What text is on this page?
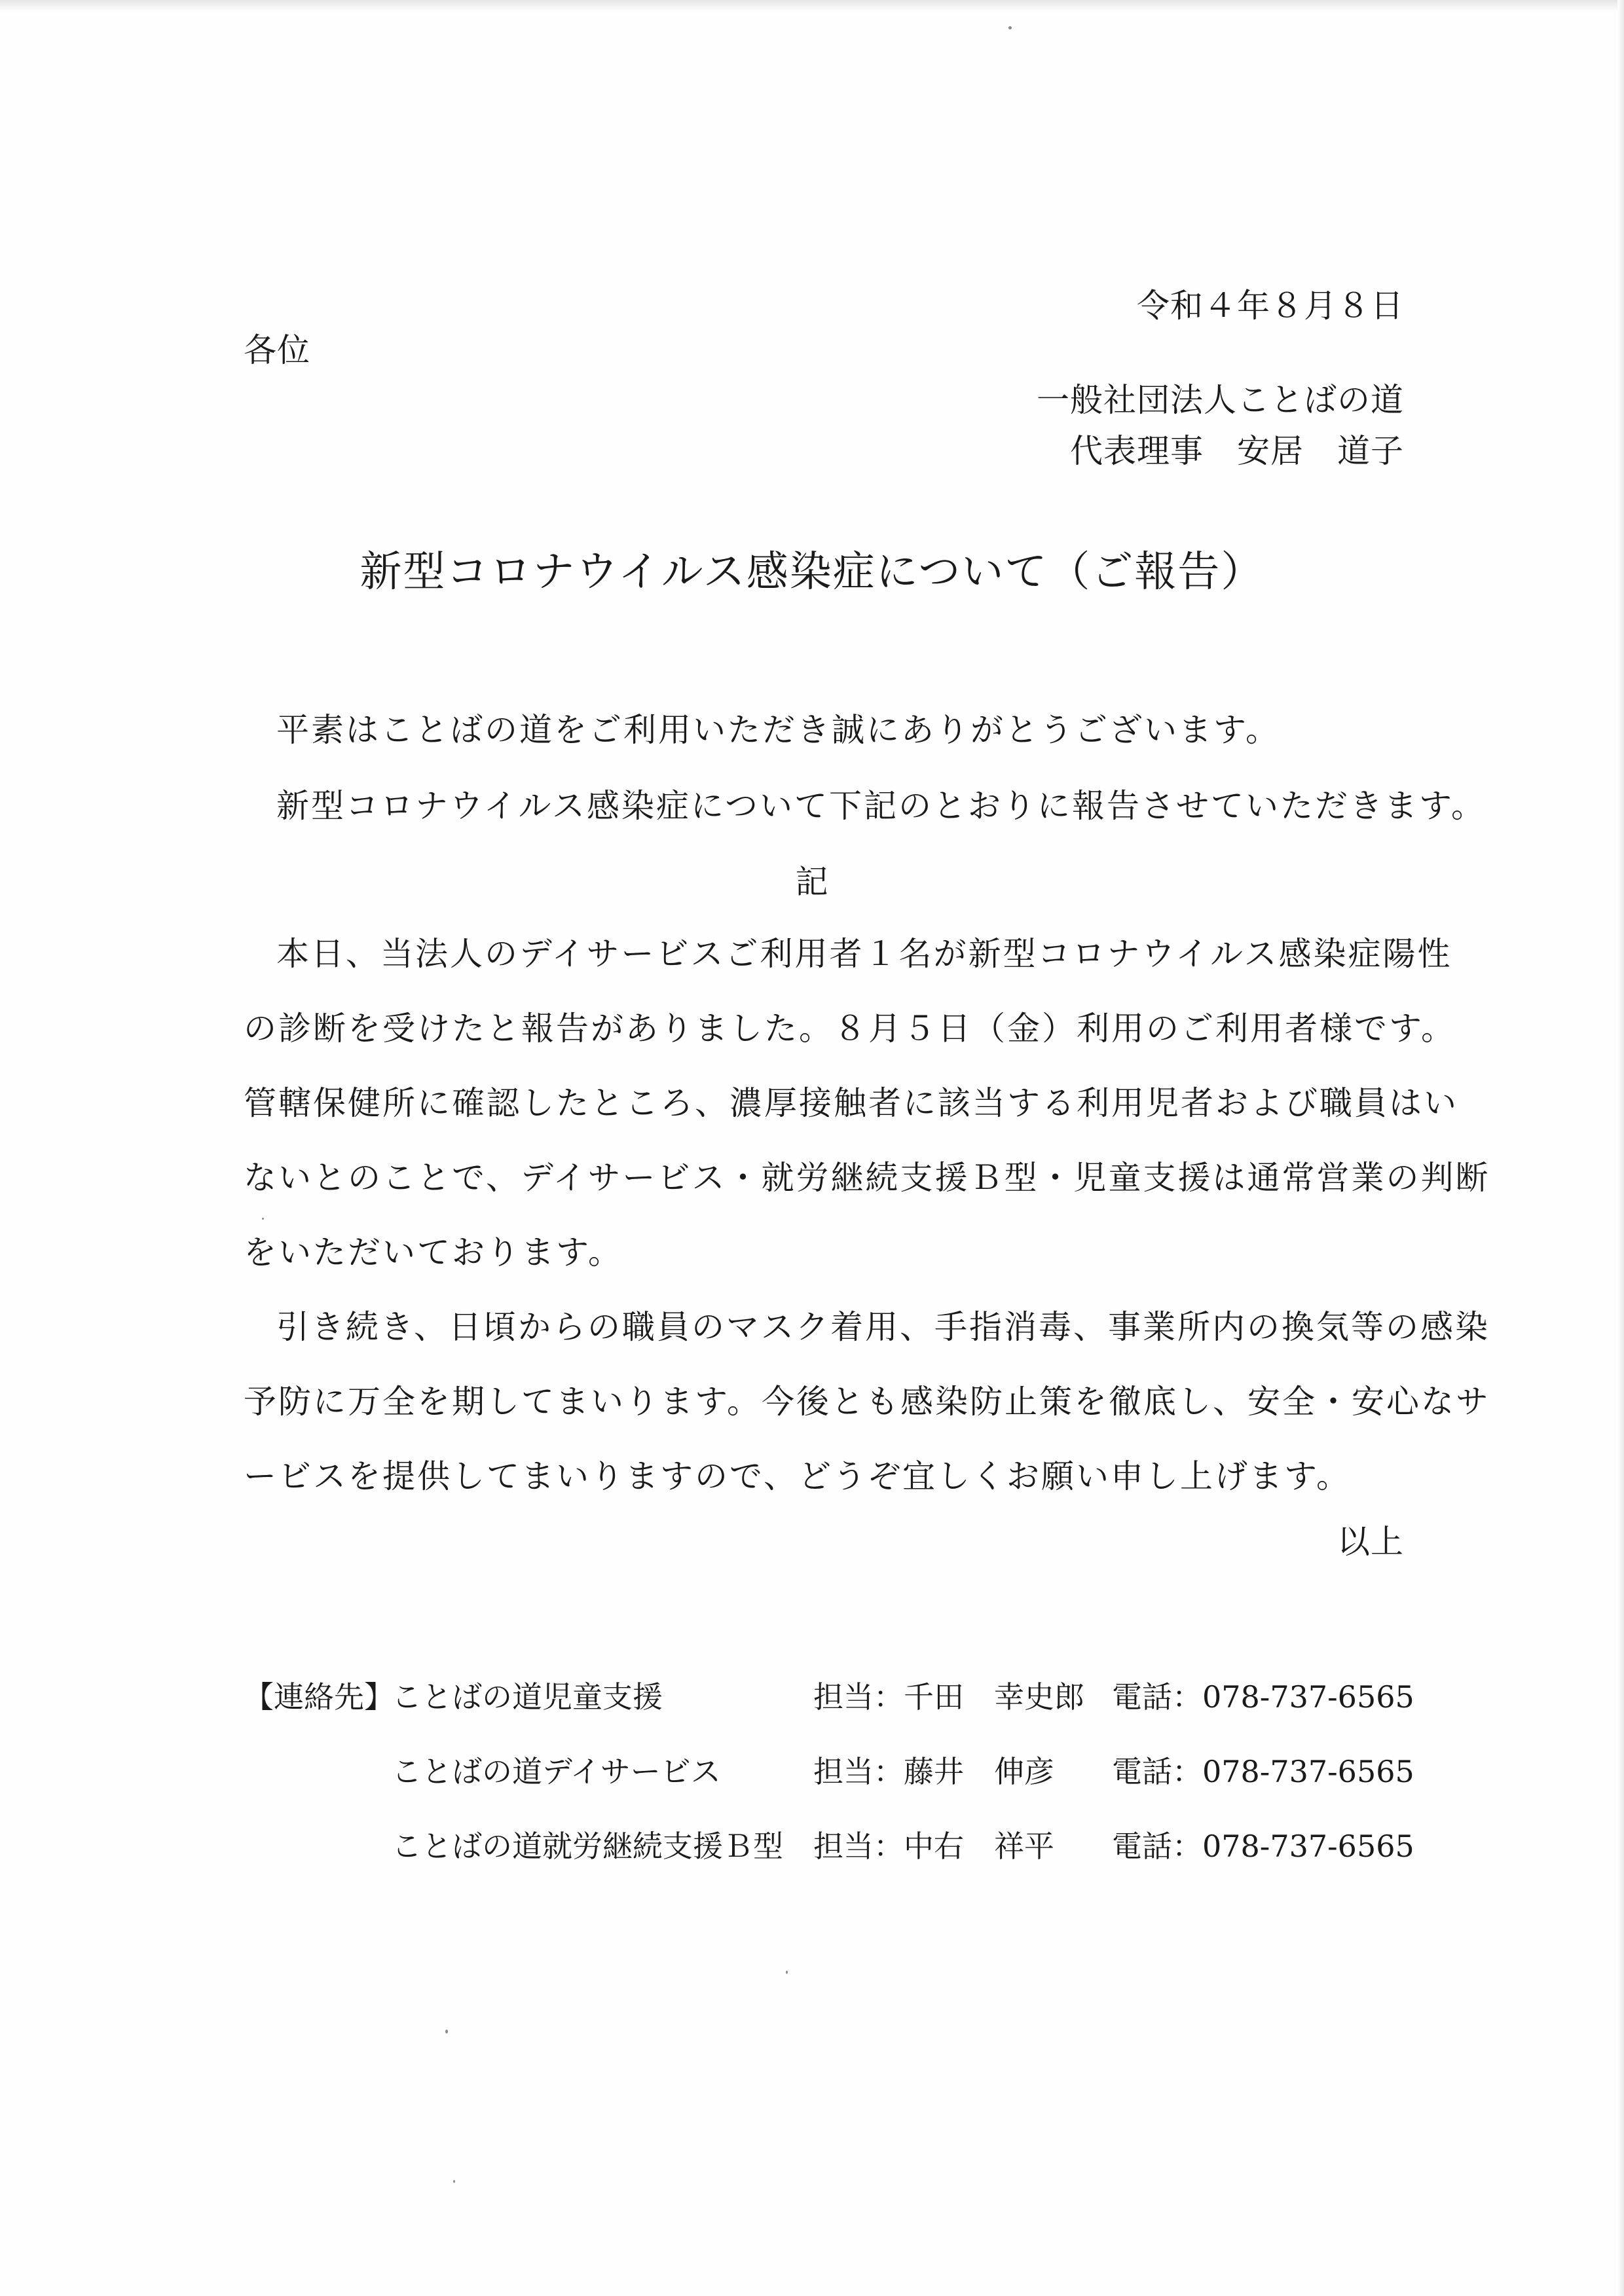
令和４年８月８日
各位
一般社団法人ことばの道
代表理事　安居　道子
新型コロナウイルス感染症について（ご報告）
平素はことばの道をご利用いただき誠にありがとうございます。
新型コロナウイルス感染症について下記のとおりに報告させていただきます。
記
本日、当法人のデイサービスご利用者１名が新型コロナウイルス感染症陽性
の診断を受けたと報告がありました。８月５日（金）利用のご利用者様です。
管轄保健所に確認したところ、濃厚接触者に該当する利用児者および職員はい
ないとのことで、デイサービス・就労継続支援Ｂ型・児童支援は通常営業の判断
をいただいております。
引き続き、日頃からの職員のマスク着用、手指消毒、事業所内の換気等の感染
予防に万全を期してまいります。今後とも感染防止策を徹底し、安全・安心なサ
ービスを提供してまいりますので、どうぞ宜しくお願い申し上げます。
以上
【連絡先】
ことばの道児童支援	担当：千田　幸史郎 電話：078-737-6565
ことばの道デイサービス	担当：藤井　伸彦 電話：078-737-6565
ことばの道就労継続支援Ｂ型 担当：中右　祥平 電話：078-737-6565
